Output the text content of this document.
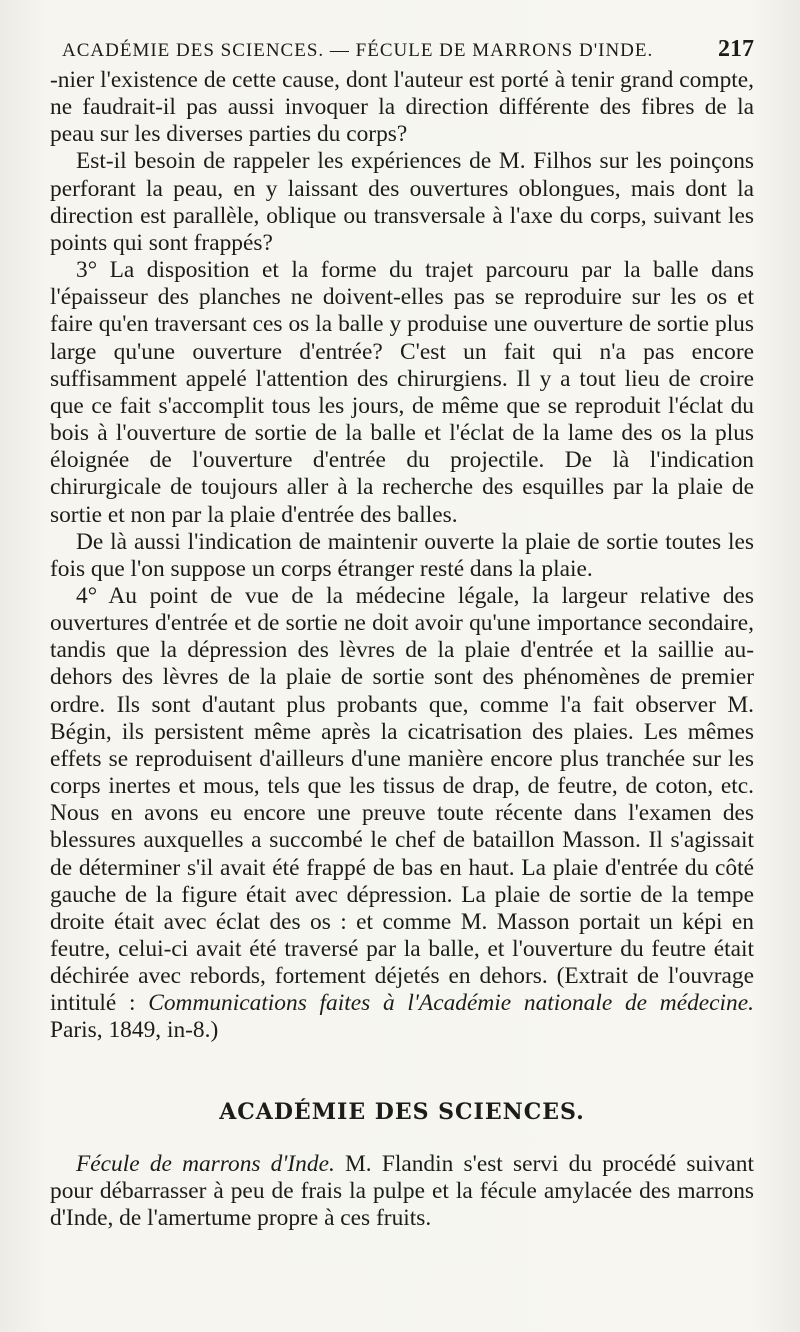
ACADÉMIE DES SCIENCES. — FÉCULE DE MARRONS D'INDE.	217

-nier l'existence de cette cause, dont l'auteur est porté à tenir grand compte, ne faudrait-il pas aussi invoquer la direction différente des fibres de la peau sur les diverses parties du corps?

Est-il besoin de rappeler les expériences de M. Filhos sur les poinçons perforant la peau, en y laissant des ouvertures oblongues, mais dont la direction est parallèle, oblique ou transversale à l'axe du corps, suivant les points qui sont frappés?

3° La disposition et la forme du trajet parcouru par la balle dans l'épaisseur des planches ne doivent-elles pas se reproduire sur les os et faire qu'en traversant ces os la balle y produise une ouverture de sortie plus large qu'une ouverture d'entrée? C'est un fait qui n'a pas encore suffisamment appelé l'attention des chirurgiens. Il y a tout lieu de croire que ce fait s'accomplit tous les jours, de même que se reproduit l'éclat du bois à l'ouverture de sortie de la balle et l'éclat de la lame des os la plus éloignée de l'ouverture d'entrée du projectile. De là l'indication chirurgicale de toujours aller à la recherche des esquilles par la plaie de sortie et non par la plaie d'entrée des balles.

De là aussi l'indication de maintenir ouverte la plaie de sortie toutes les fois que l'on suppose un corps étranger resté dans la plaie.

4° Au point de vue de la médecine légale, la largeur relative des ouvertures d'entrée et de sortie ne doit avoir qu'une importance secondaire, tandis que la dépression des lèvres de la plaie d'entrée et la saillie au-dehors des lèvres de la plaie de sortie sont des phénomènes de premier ordre. Ils sont d'autant plus probants que, comme l'a fait observer M. Bégin, ils persistent même après la cicatrisation des plaies. Les mêmes effets se reproduisent d'ailleurs d'une manière encore plus tranchée sur les corps inertes et mous, tels que les tissus de drap, de feutre, de coton, etc. Nous en avons eu encore une preuve toute récente dans l'examen des blessures auxquelles a succombé le chef de bataillon Masson. Il s'agissait de déterminer s'il avait été frappé de bas en haut. La plaie d'entrée du côté gauche de la figure était avec dépression. La plaie de sortie de la tempe droite était avec éclat des os : et comme M. Masson portait un képi en feutre, celui-ci avait été traversé par la balle, et l'ouverture du feutre était déchirée avec rebords, fortement déjetés en dehors. (Extrait de l'ouvrage intitulé : Communications faites à l'Académie nationale de médecine. Paris, 1849, in-8.)

ACADÉMIE DES SCIENCES.

Fécule de marrons d'Inde. M. Flandin s'est servi du procédé suivant pour débarrasser à peu de frais la pulpe et la fécule amylacée des marrons d'Inde, de l'amertume propre à ces fruits.
